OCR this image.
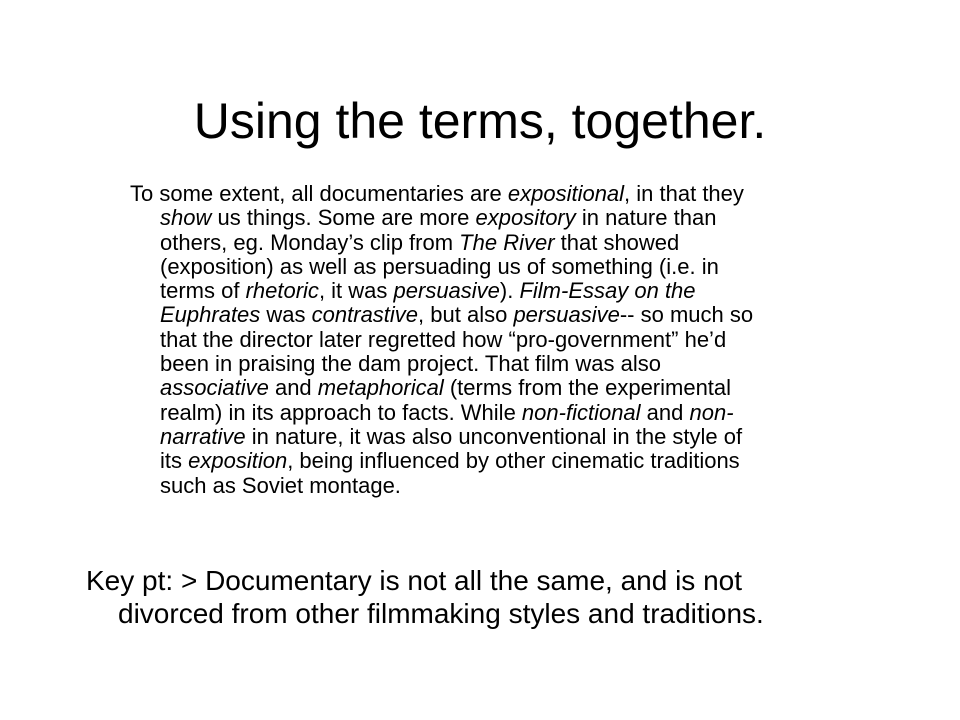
Using the terms, together.

To some extent, all documentaries are expositional, in that they
show us things. Some are more expository in nature than
others, eg. Monday’s clip from The River that showed
(exposition) as well as persuading us of something (i.e. in
terms of rhetoric, it was persuasive). Film-Essay on the
Euphrates was contrastive, but also persuasive-- so much so
that the director later regretted how “pro-government” he’d
been in praising the dam project. That film was also
associative and metaphorical (terms from the experimental
realm) in its approach to facts. While non-fictional and non-
narrative in nature, it was also unconventional in the style of
its exposition, being influenced by other cinematic traditions
such as Soviet montage.

Key pt: > Documentary is not all the same, and is not
divorced from other filmmaking styles and traditions.
